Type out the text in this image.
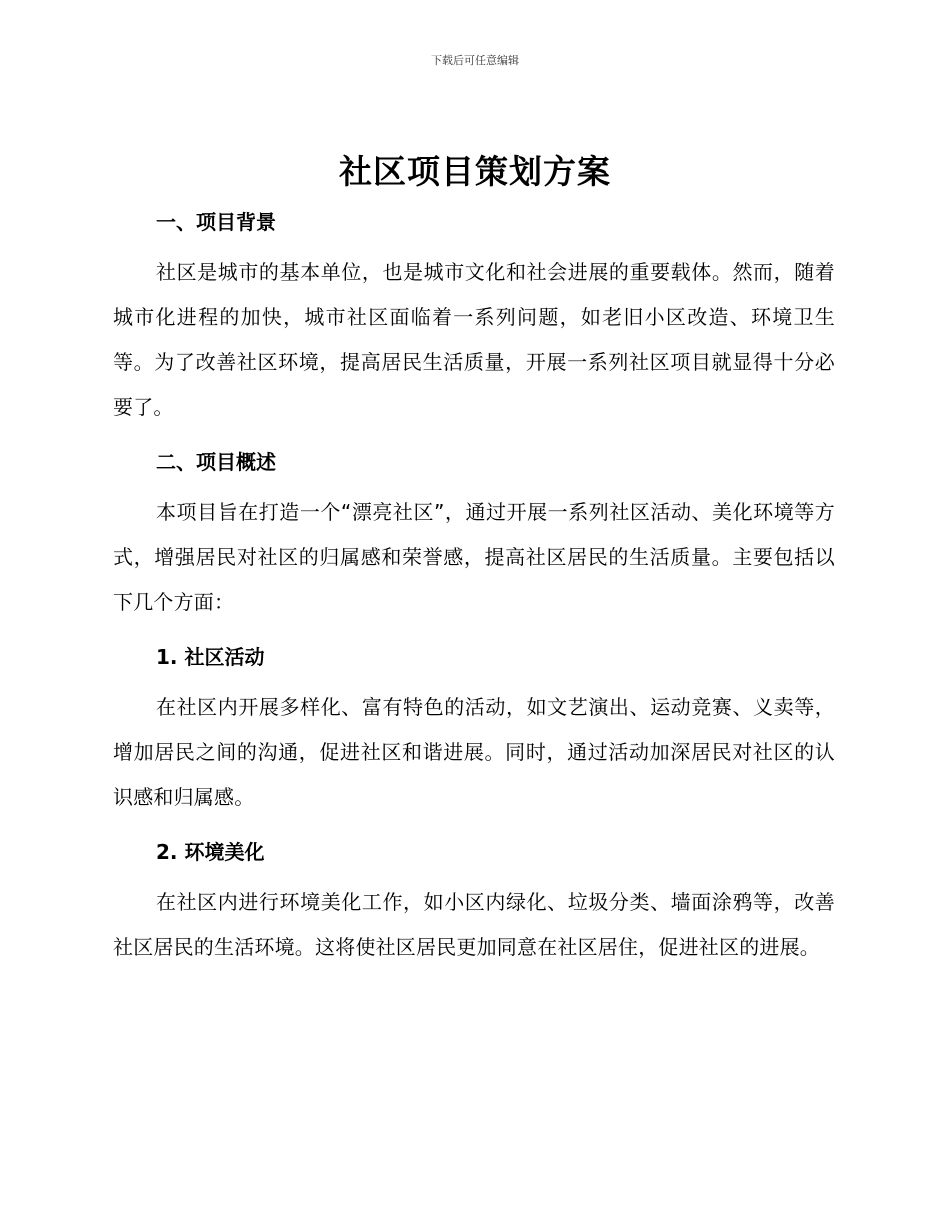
下载后可任意编辑
社区项目策划方案
一、项目背景

社区是城市的基本单位，也是城市文化和社会进展的重要载体。然而，随着城市化进程的加快，城市社区面临着一系列问题，如老旧小区改造、环境卫生等。为了改善社区环境，提高居民生活质量，开展一系列社区项目就显得十分必要了。

二、项目概述

本项目旨在打造一个“漂亮社区”，通过开展一系列社区活动、美化环境等方式，增强居民对社区的归属感和荣誉感，提高社区居民的生活质量。主要包括以下几个方面：

1. 社区活动

在社区内开展多样化、富有特色的活动，如文艺演出、运动竞赛、义卖等，增加居民之间的沟通，促进社区和谐进展。同时，通过活动加深居民对社区的认识感和归属感。

2. 环境美化

在社区内进行环境美化工作，如小区内绿化、垃圾分类、墙面涂鸦等，改善社区居民的生活环境。这将使社区居民更加同意在社区居住，促进社区的进展。
